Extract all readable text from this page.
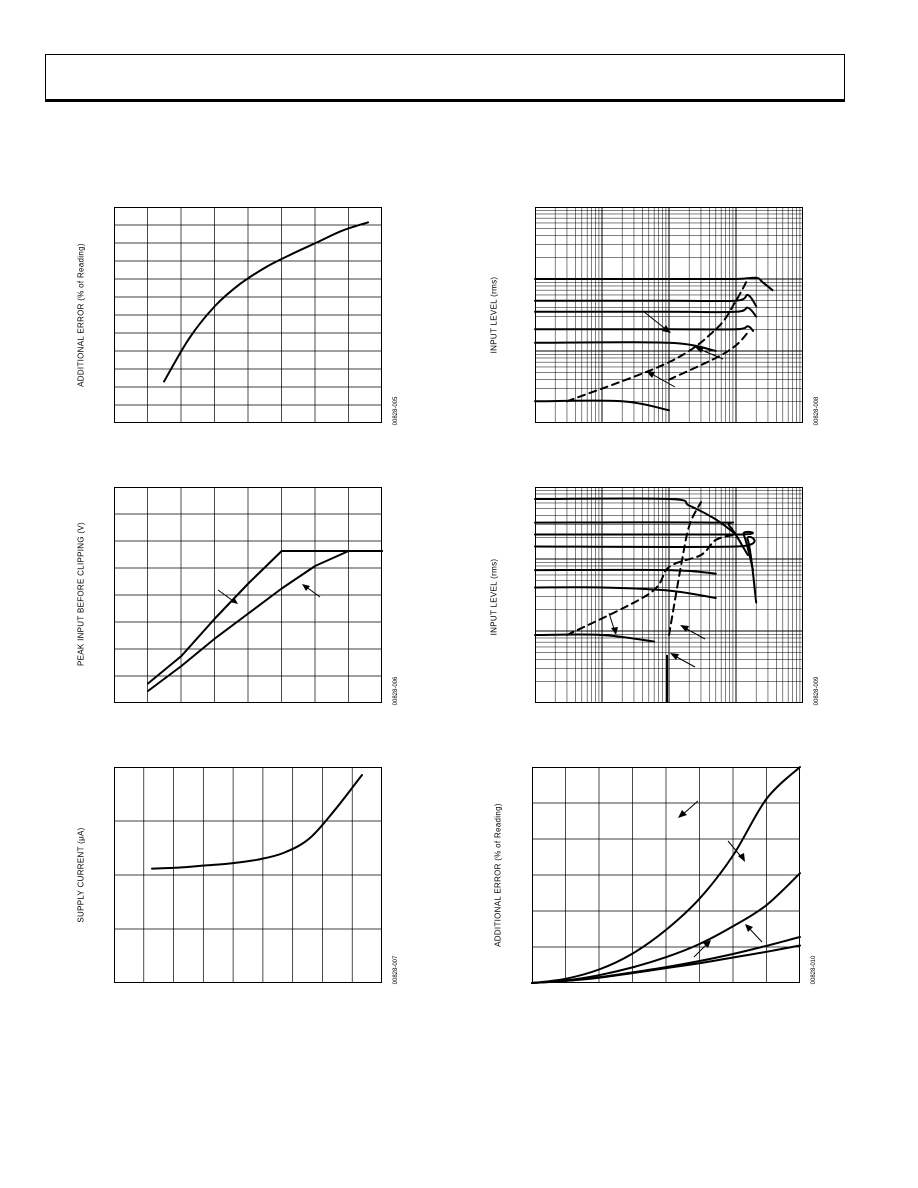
ADDITIONAL ERROR (% of Reading)
00828-005
PEAK INPUT BEFORE CLIPPING (V)
00828-006
SUPPLY CURRENT (μA)
00828-007
INPUT LEVEL (rms)
00828-008
INPUT LEVEL (rms)
00828-009
ADDITIONAL ERROR (% of Reading)
00828-010
